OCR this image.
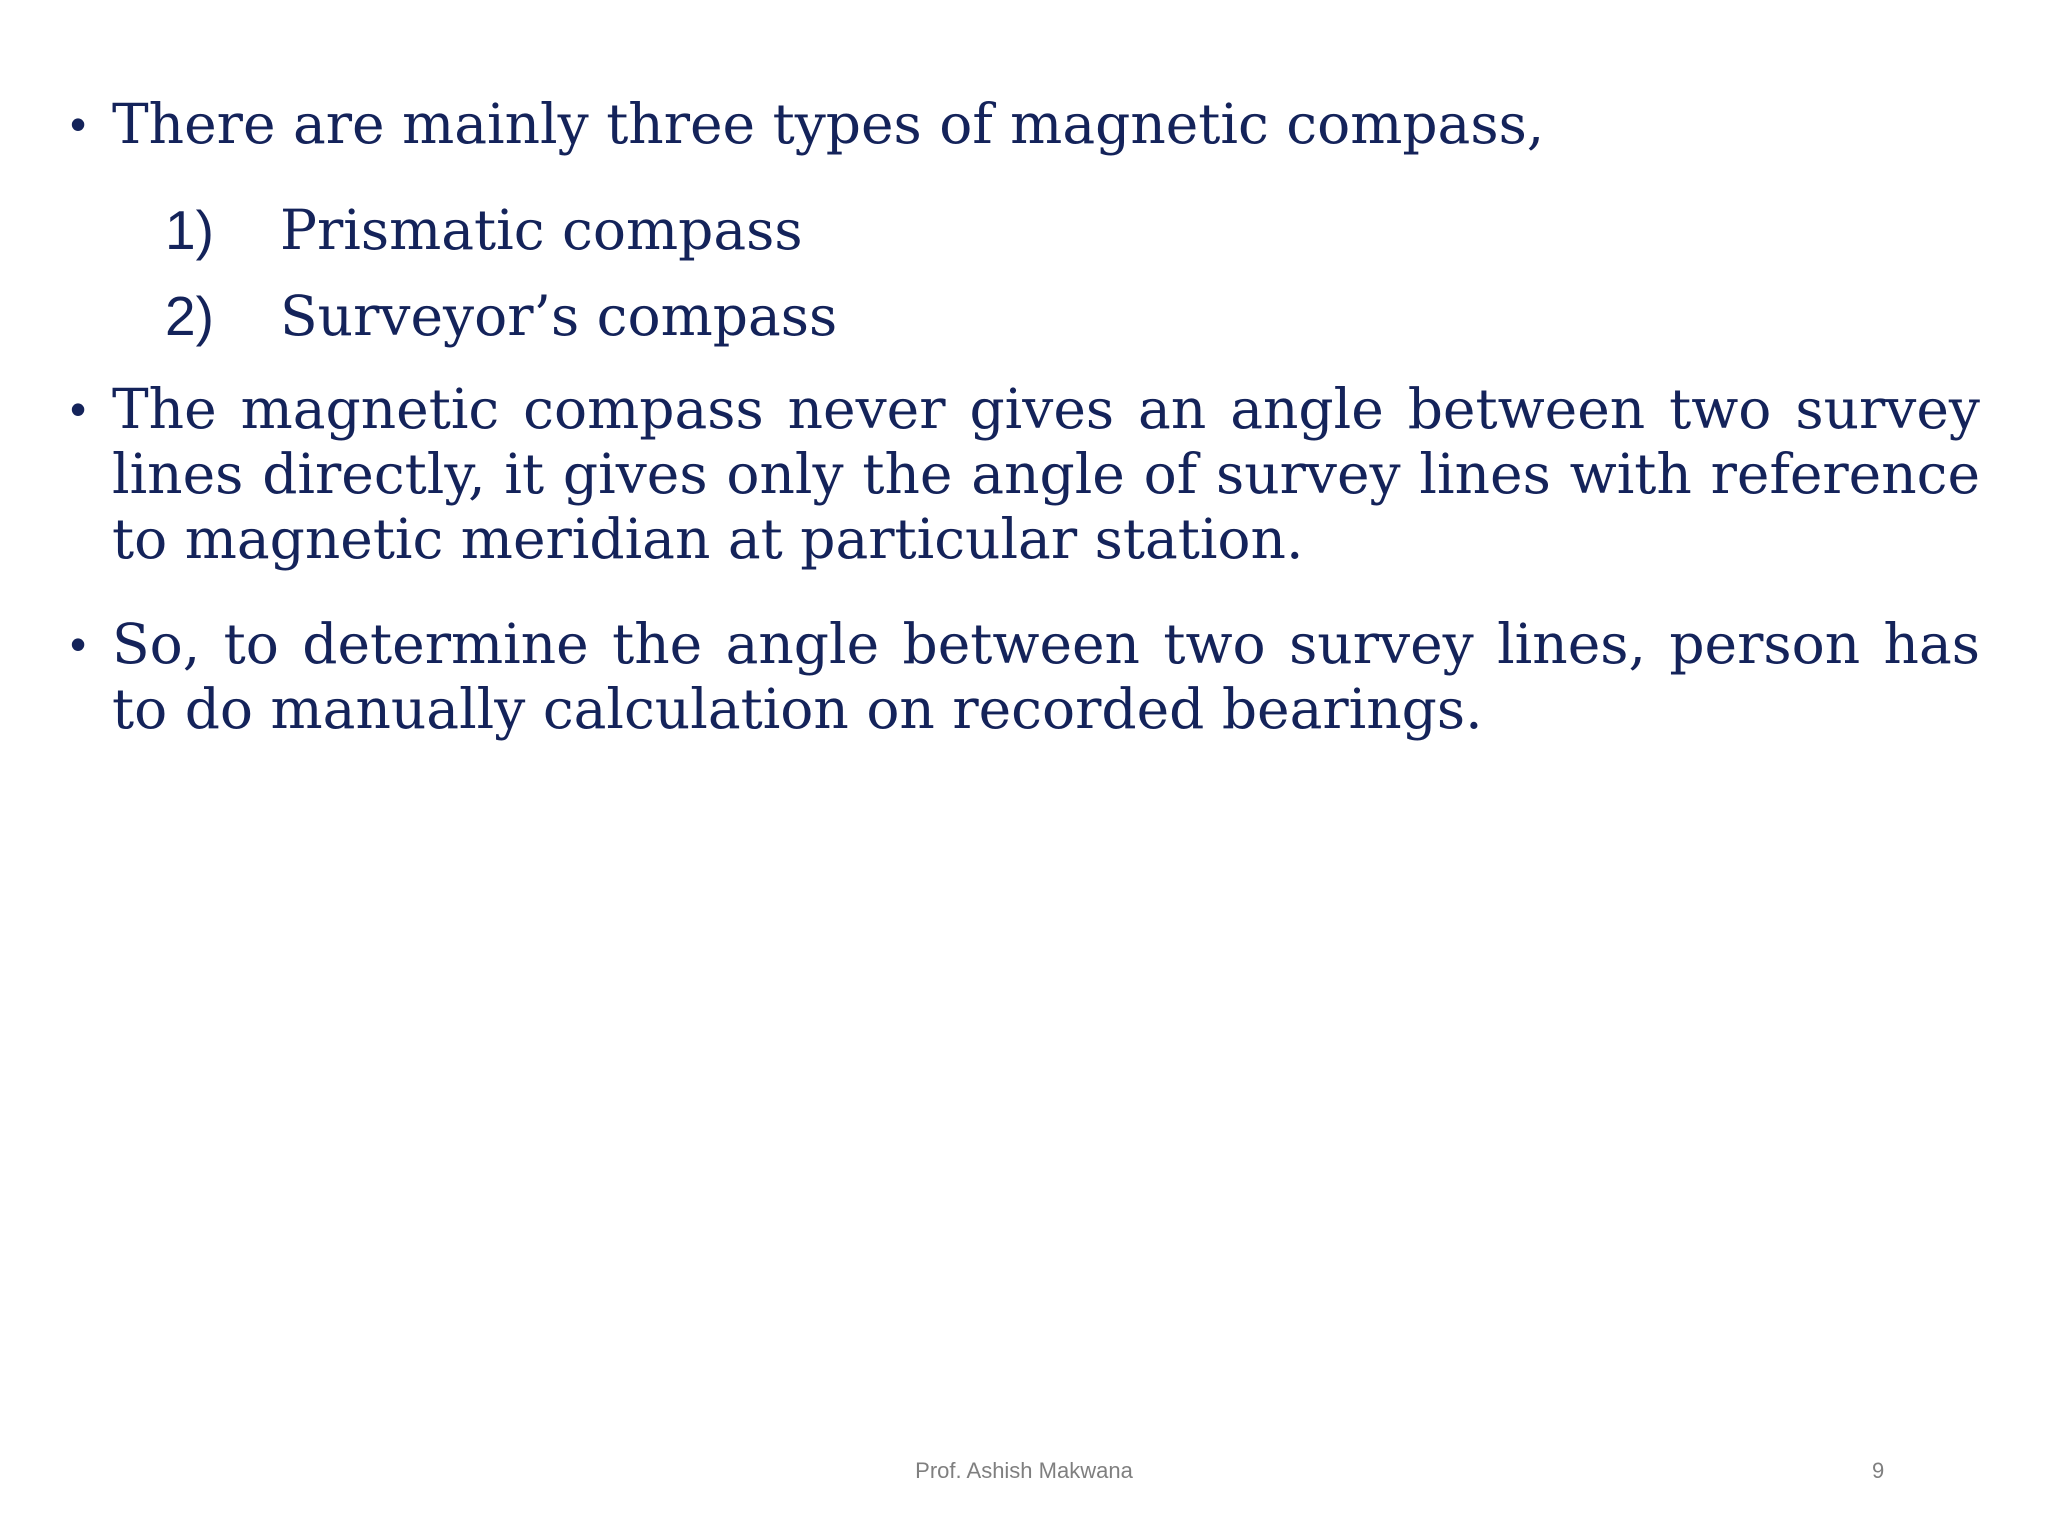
• There are mainly three types of magnetic compass,
1)	Prismatic compass
2)	Surveyor’s compass
• The magnetic compass never gives an angle between two survey lines directly, it gives only the angle of survey lines with reference to magnetic meridian at particular station.
• So, to determine the angle between two survey lines, person has to do manually calculation on recorded bearings.
Prof. Ashish Makwana	9
